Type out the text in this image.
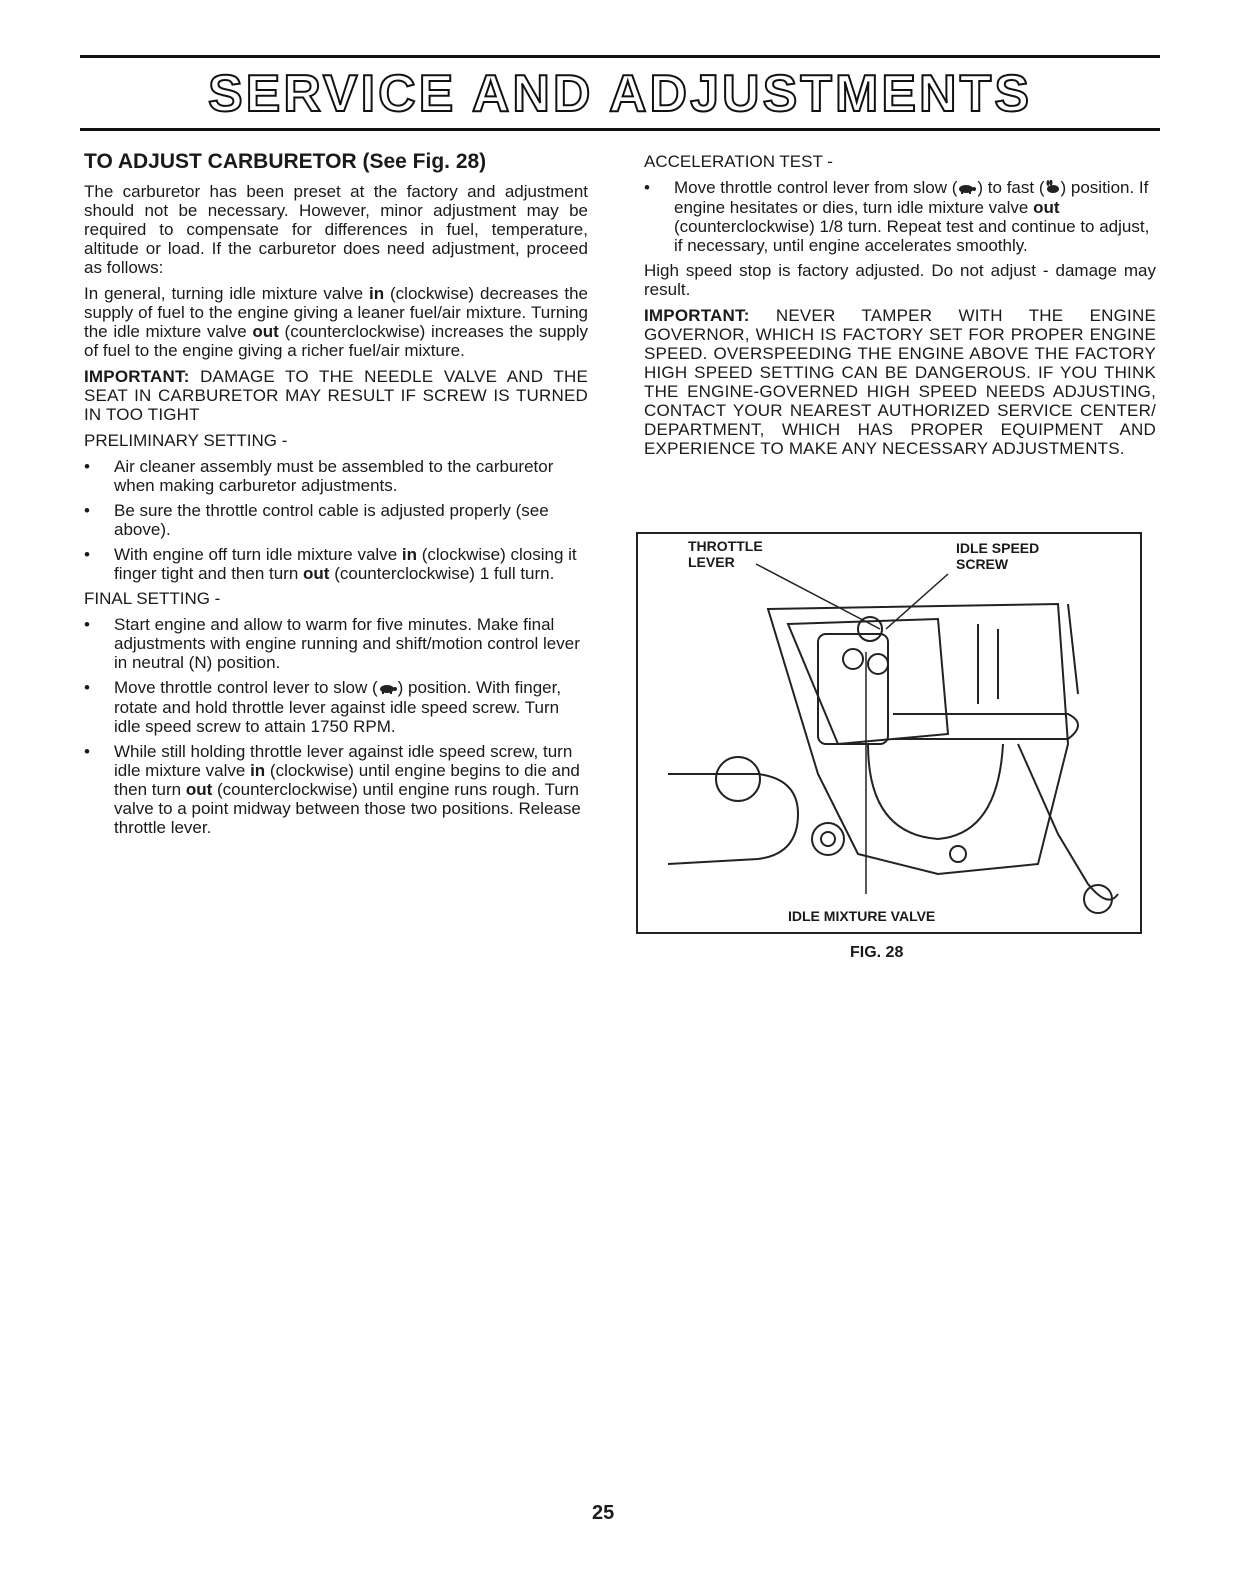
SERVICE AND ADJUSTMENTS
TO ADJUST CARBURETOR (See Fig. 28)

The carburetor has been preset at the factory and adjustment should not be necessary. However, minor adjustment may be required to compensate for differences in fuel, temperature, altitude or load. If the carburetor does need adjustment, proceed as follows:

In general, turning idle mixture valve in (clockwise) decreases the supply of fuel to the engine giving a leaner fuel/air mixture. Turning the idle mixture valve out (counterclockwise) increases the supply of fuel to the engine giving a richer fuel/air mixture.

IMPORTANT: DAMAGE TO THE NEEDLE VALVE AND THE SEAT IN CARBURETOR MAY RESULT IF SCREW IS TURNED IN TOO TIGHT

PRELIMINARY SETTING -
• Air cleaner assembly must be assembled to the carburetor when making carburetor adjustments.
• Be sure the throttle control cable is adjusted properly (see above).
• With engine off turn idle mixture valve in (clockwise) closing it finger tight and then turn out (counterclockwise) 1 full turn.
FINAL SETTING -
• Start engine and allow to warm for five minutes. Make final adjustments with engine running and shift/motion control lever in neutral (N) position.
• Move throttle control lever to slow ( ) position. With finger, rotate and hold throttle lever against idle speed screw. Turn idle speed screw to attain 1750 RPM.
• While still holding throttle lever against idle speed screw, turn idle mixture valve in (clockwise) until engine begins to die and then turn out (counterclockwise) until engine runs rough. Turn valve to a point midway between those two positions. Release throttle lever.
ACCELERATION TEST -
• Move throttle control lever from slow ( ) to fast ( ) position. If engine hesitates or dies, turn idle mixture valve out (counterclockwise) 1/8 turn. Repeat test and continue to adjust, if necessary, until engine accelerates smoothly.

High speed stop is factory adjusted. Do not adjust - damage may result.

IMPORTANT: NEVER TAMPER WITH THE ENGINE GOVERNOR, WHICH IS FACTORY SET FOR PROPER ENGINE SPEED. OVERSPEEDING THE ENGINE ABOVE THE FACTORY HIGH SPEED SETTING CAN BE DANGEROUS. IF YOU THINK THE ENGINE-GOVERNED HIGH SPEED NEEDS ADJUSTING, CONTACT YOUR NEAREST AUTHORIZED SERVICE CENTER/ DEPARTMENT, WHICH HAS PROPER EQUIPMENT AND EXPERIENCE TO MAKE ANY NECESSARY ADJUSTMENTS.

THROTTLE
LEVER
IDLE SPEED
SCREW
IDLE MIXTURE VALVE
FIG. 28
25
